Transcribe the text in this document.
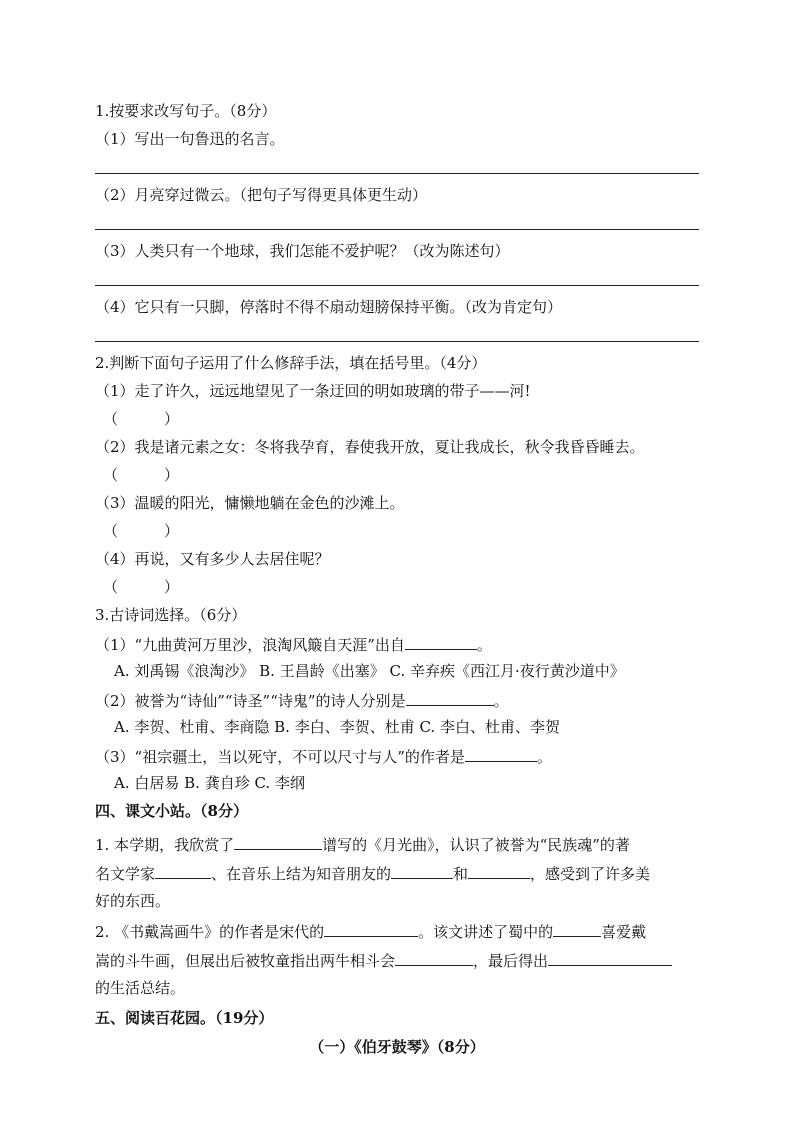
1.按要求改写句子。（8分）
（1）写出一句鲁迅的名言。
（2）月亮穿过微云。（把句子写得更具体更生动）
（3）人类只有一个地球，我们怎能不爱护呢？（改为陈述句）
（4）它只有一只脚，停落时不得不扇动翅膀保持平衡。（改为肯定句）
2.判断下面句子运用了什么修辞手法，填在括号里。（4分）
（1）走了许久，远远地望见了一条迂回的明如玻璃的带子——河!
（	）
（2）我是诸元素之女：冬将我孕育，春使我开放，夏让我成长，秋令我昏昏睡去。
（	）
（3）温暖的阳光，慵懒地躺在金色的沙滩上。
（	）
（4）再说，又有多少人去居住呢？
（	）
3.古诗词选择。（6分）
（1）“九曲黄河万里沙，浪淘风簸自天涯”出自	。
A. 刘禹锡《浪淘沙》 B. 王昌龄《出塞》 C. 辛弃疾《西江月·夜行黄沙道中》
（2）被誉为“诗仙”“诗圣”“诗鬼”的诗人分别是	。
A. 李贺、杜甫、李商隐 B. 李白、李贺、杜甫 C. 李白、杜甫、李贺
（3）“祖宗疆土，当以死守，不可以尺寸与人”的作者是	。
A. 白居易 B. 龚自珍 C. 李纲
四、课文小站。（8分）
1. 本学期，我欣赏了	谱写的《月光曲》，认识了被誉为“民族魂”的著
名文学家	、在音乐上结为知音朋友的	和	，感受到了许多美
好的东西。
2. 《书戴嵩画牛》的作者是宋代的	。该文讲述了蜀中的	喜爱戴
嵩的斗牛画，但展出后被牧童指出两牛相斗会	，最后得出
的生活总结。
五、阅读百花园。（19分）
（一）《伯牙鼓琴》（8分）
